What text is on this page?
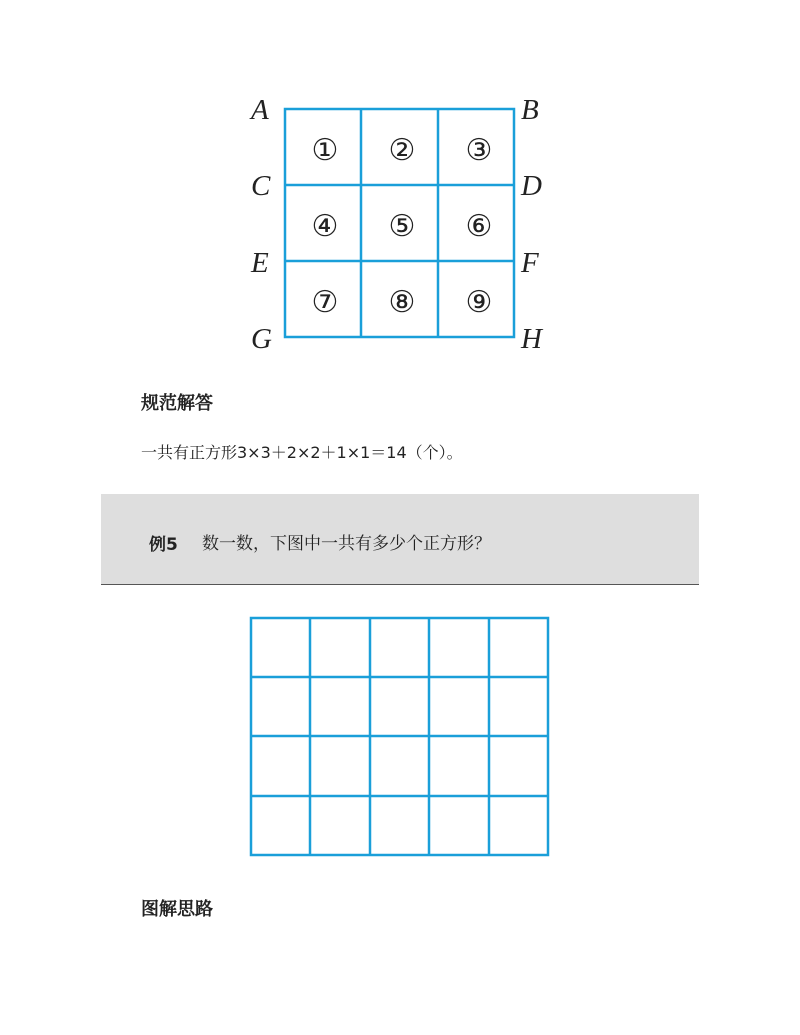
① ② ③
④ ⑤ ⑥
⑦ ⑧ ⑨
A	B
C	D
E	F
G	H
规范解答
一共有正方形3×3＋2×2＋1×1＝14（个）。
例5 数一数，下图中一共有多少个正方形？
图解思路
